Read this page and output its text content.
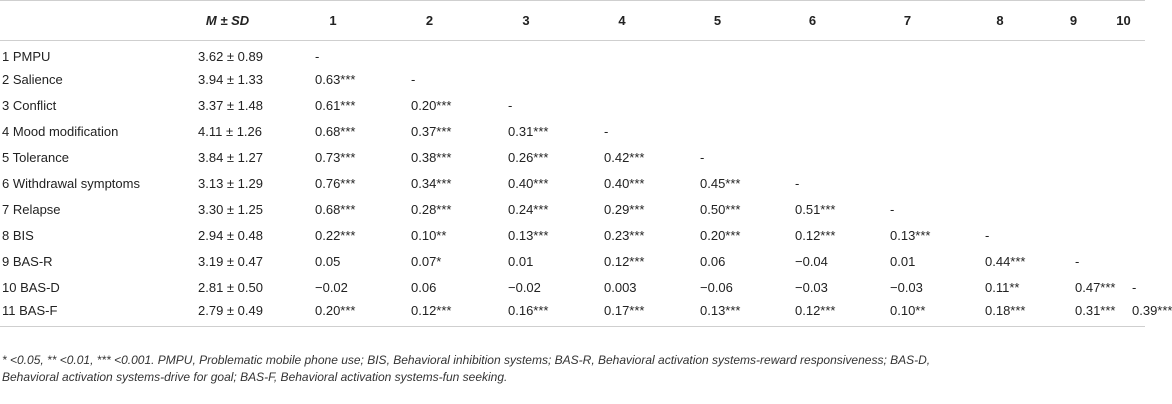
	M ± SD	1	2	3	4	5	6	7	8	9	10
1 PMPU	3.62 ± 0.89	-									
2 Salience	3.94 ± 1.33	0.63***	-								
3 Conflict	3.37 ± 1.48	0.61***	0.20***	-							
4 Mood modification	4.11 ± 1.26	0.68***	0.37***	0.31***	-						
5 Tolerance	3.84 ± 1.27	0.73***	0.38***	0.26***	0.42***	-					
6 Withdrawal symptoms	3.13 ± 1.29	0.76***	0.34***	0.40***	0.40***	0.45***	-				
7 Relapse	3.30 ± 1.25	0.68***	0.28***	0.24***	0.29***	0.50***	0.51***	-			
8 BIS	2.94 ± 0.48	0.22***	0.10**	0.13***	0.23***	0.20***	0.12***	0.13***	-		
9 BAS-R	3.19 ± 0.47	0.05	0.07*	0.01	0.12***	0.06	−0.04	0.01	0.44***	-	
10 BAS-D	2.81 ± 0.50	−0.02	0.06	−0.02	0.003	−0.06	−0.03	−0.03	0.11**	0.47***	-
11 BAS-F	2.79 ± 0.49	0.20***	0.12***	0.16***	0.17***	0.13***	0.12***	0.10**	0.18***	0.31***	0.39***

* <0.05, ** <0.01, *** <0.001. PMPU, Problematic mobile phone use; BIS, Behavioral inhibition systems; BAS-R, Behavioral activation systems-reward responsiveness; BAS-D,
Behavioral activation systems-drive for goal; BAS-F, Behavioral activation systems-fun seeking.
